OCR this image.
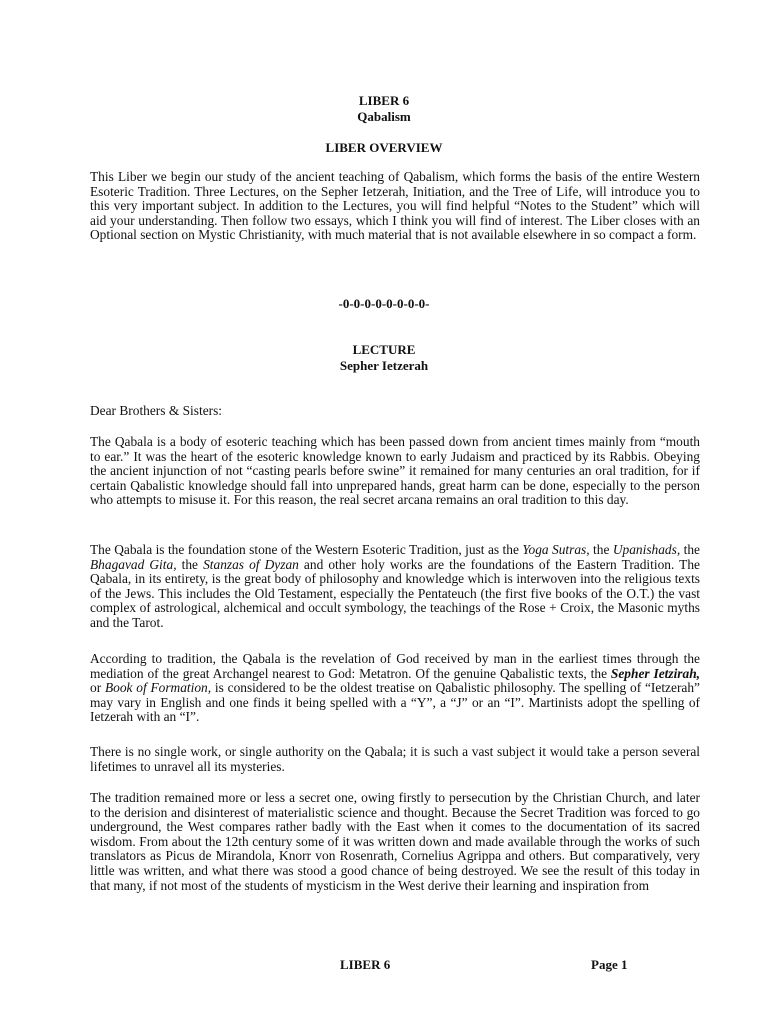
LIBER 6

Qabalism

LIBER OVERVIEW

This Liber we begin our study of the ancient teaching of Qabalism, which forms the basis of the entire Western Esoteric Tradition. Three Lectures, on the Sepher Ietzerah, Initiation, and the Tree of Life, will introduce you to this very important subject. In addition to the Lectures, you will find helpful “Notes to the Student” which will aid your understanding. Then follow two essays, which I think you will find of interest. The Liber closes with an Optional section on Mystic Christianity, with much material that is not available elsewhere in so compact a form.

-0-0-0-0-0-0-0-0-

LECTURE

Sepher Ietzerah

Dear Brothers & Sisters:

The Qabala is a body of esoteric teaching which has been passed down from ancient times mainly from “mouth to ear.” It was the heart of the esoteric knowledge known to early Judaism and practiced by its Rabbis. Obeying the ancient injunction of not “casting pearls before swine” it remained for many centuries an oral tradition, for if certain Qabalistic knowledge should fall into unprepared hands, great harm can be done, especially to the person who attempts to misuse it. For this reason, the real secret arcana remains an oral tradition to this day.

The Qabala is the foundation stone of the Western Esoteric Tradition, just as the Yoga Sutras, the Upanishads, the Bhagavad Gita, the Stanzas of Dyzan and other holy works are the foundations of the Eastern Tradition. The Qabala, in its entirety, is the great body of philosophy and knowledge which is interwoven into the religious texts of the Jews. This includes the Old Testament, especially the Pentateuch (the first five books of the O.T.) the vast complex of astrological, alchemical and occult symbology, the teachings of the Rose + Croix, the Masonic myths and the Tarot.

According to tradition, the Qabala is the revelation of God received by man in the earliest times through the mediation of the great Archangel nearest to God: Metatron. Of the genuine Qabalistic texts, the Sepher Ietzirah, or Book of Formation, is considered to be the oldest treatise on Qabalistic philosophy. The spelling of “Ietzerah” may vary in English and one finds it being spelled with a “Y”, a “J” or an “I”. Martinists adopt the spelling of Ietzerah with an “I”.

There is no single work, or single authority on the Qabala; it is such a vast subject it would take a person several lifetimes to unravel all its mysteries.

The tradition remained more or less a secret one, owing firstly to persecution by the Christian Church, and later to the derision and disinterest of materialistic science and thought. Because the Secret Tradition was forced to go underground, the West compares rather badly with the East when it comes to the documentation of its sacred wisdom. From about the 12th century some of it was written down and made available through the works of such translators as Picus de Mirandola, Knorr von Rosenrath, Cornelius Agrippa and others. But comparatively, very little was written, and what there was stood a good chance of being destroyed. We see the result of this today in that many, if not most of the students of mysticism in the West derive their learning and inspiration from

LIBER 6	Page 1
